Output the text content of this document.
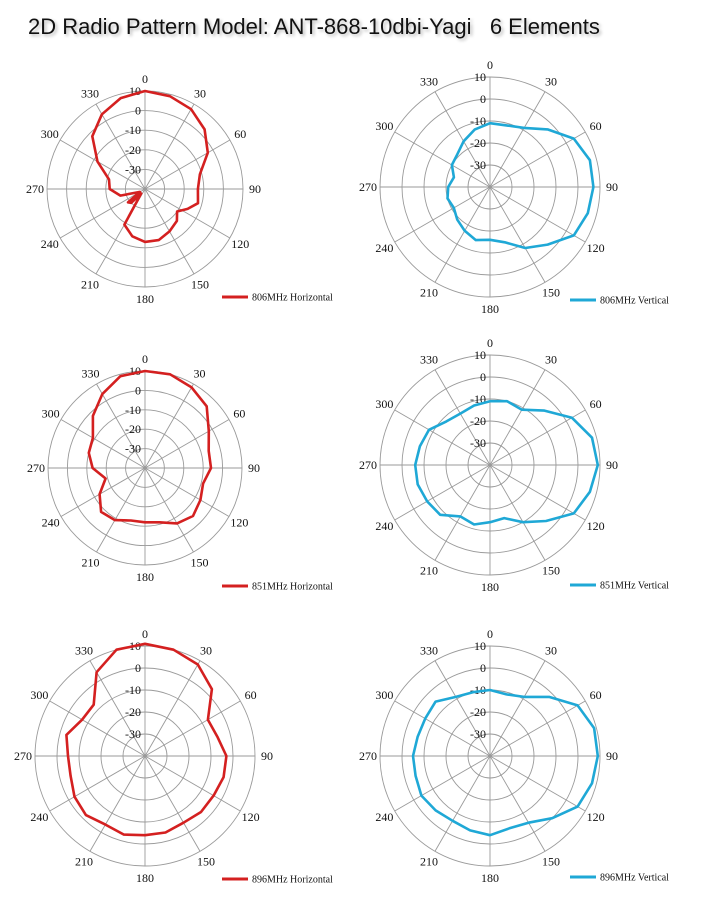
2D Radio Pattern Model: ANT-868-10dbi-Yagi   6 Elements
10
0
-10
-20
-30
0
30
60
90
120
150
180
210
240
270
300
330
806MHz Horizontal
10
0
-10
-20
-30
0
30
60
90
120
150
180
210
240
270
300
330
806MHz Vertical
10
0
-10
-20
-30
0
30
60
90
120
150
180
210
240
270
300
330
851MHz Horizontal
10
0
-10
-20
-30
0
30
60
90
120
150
180
210
240
270
300
330
851MHz Vertical
10
0
-10
-20
-30
0
30
60
90
120
150
180
210
240
270
300
330
896MHz Horizontal
10
0
-10
-20
-30
0
30
60
90
120
150
180
210
240
270
300
330
896MHz Vertical
